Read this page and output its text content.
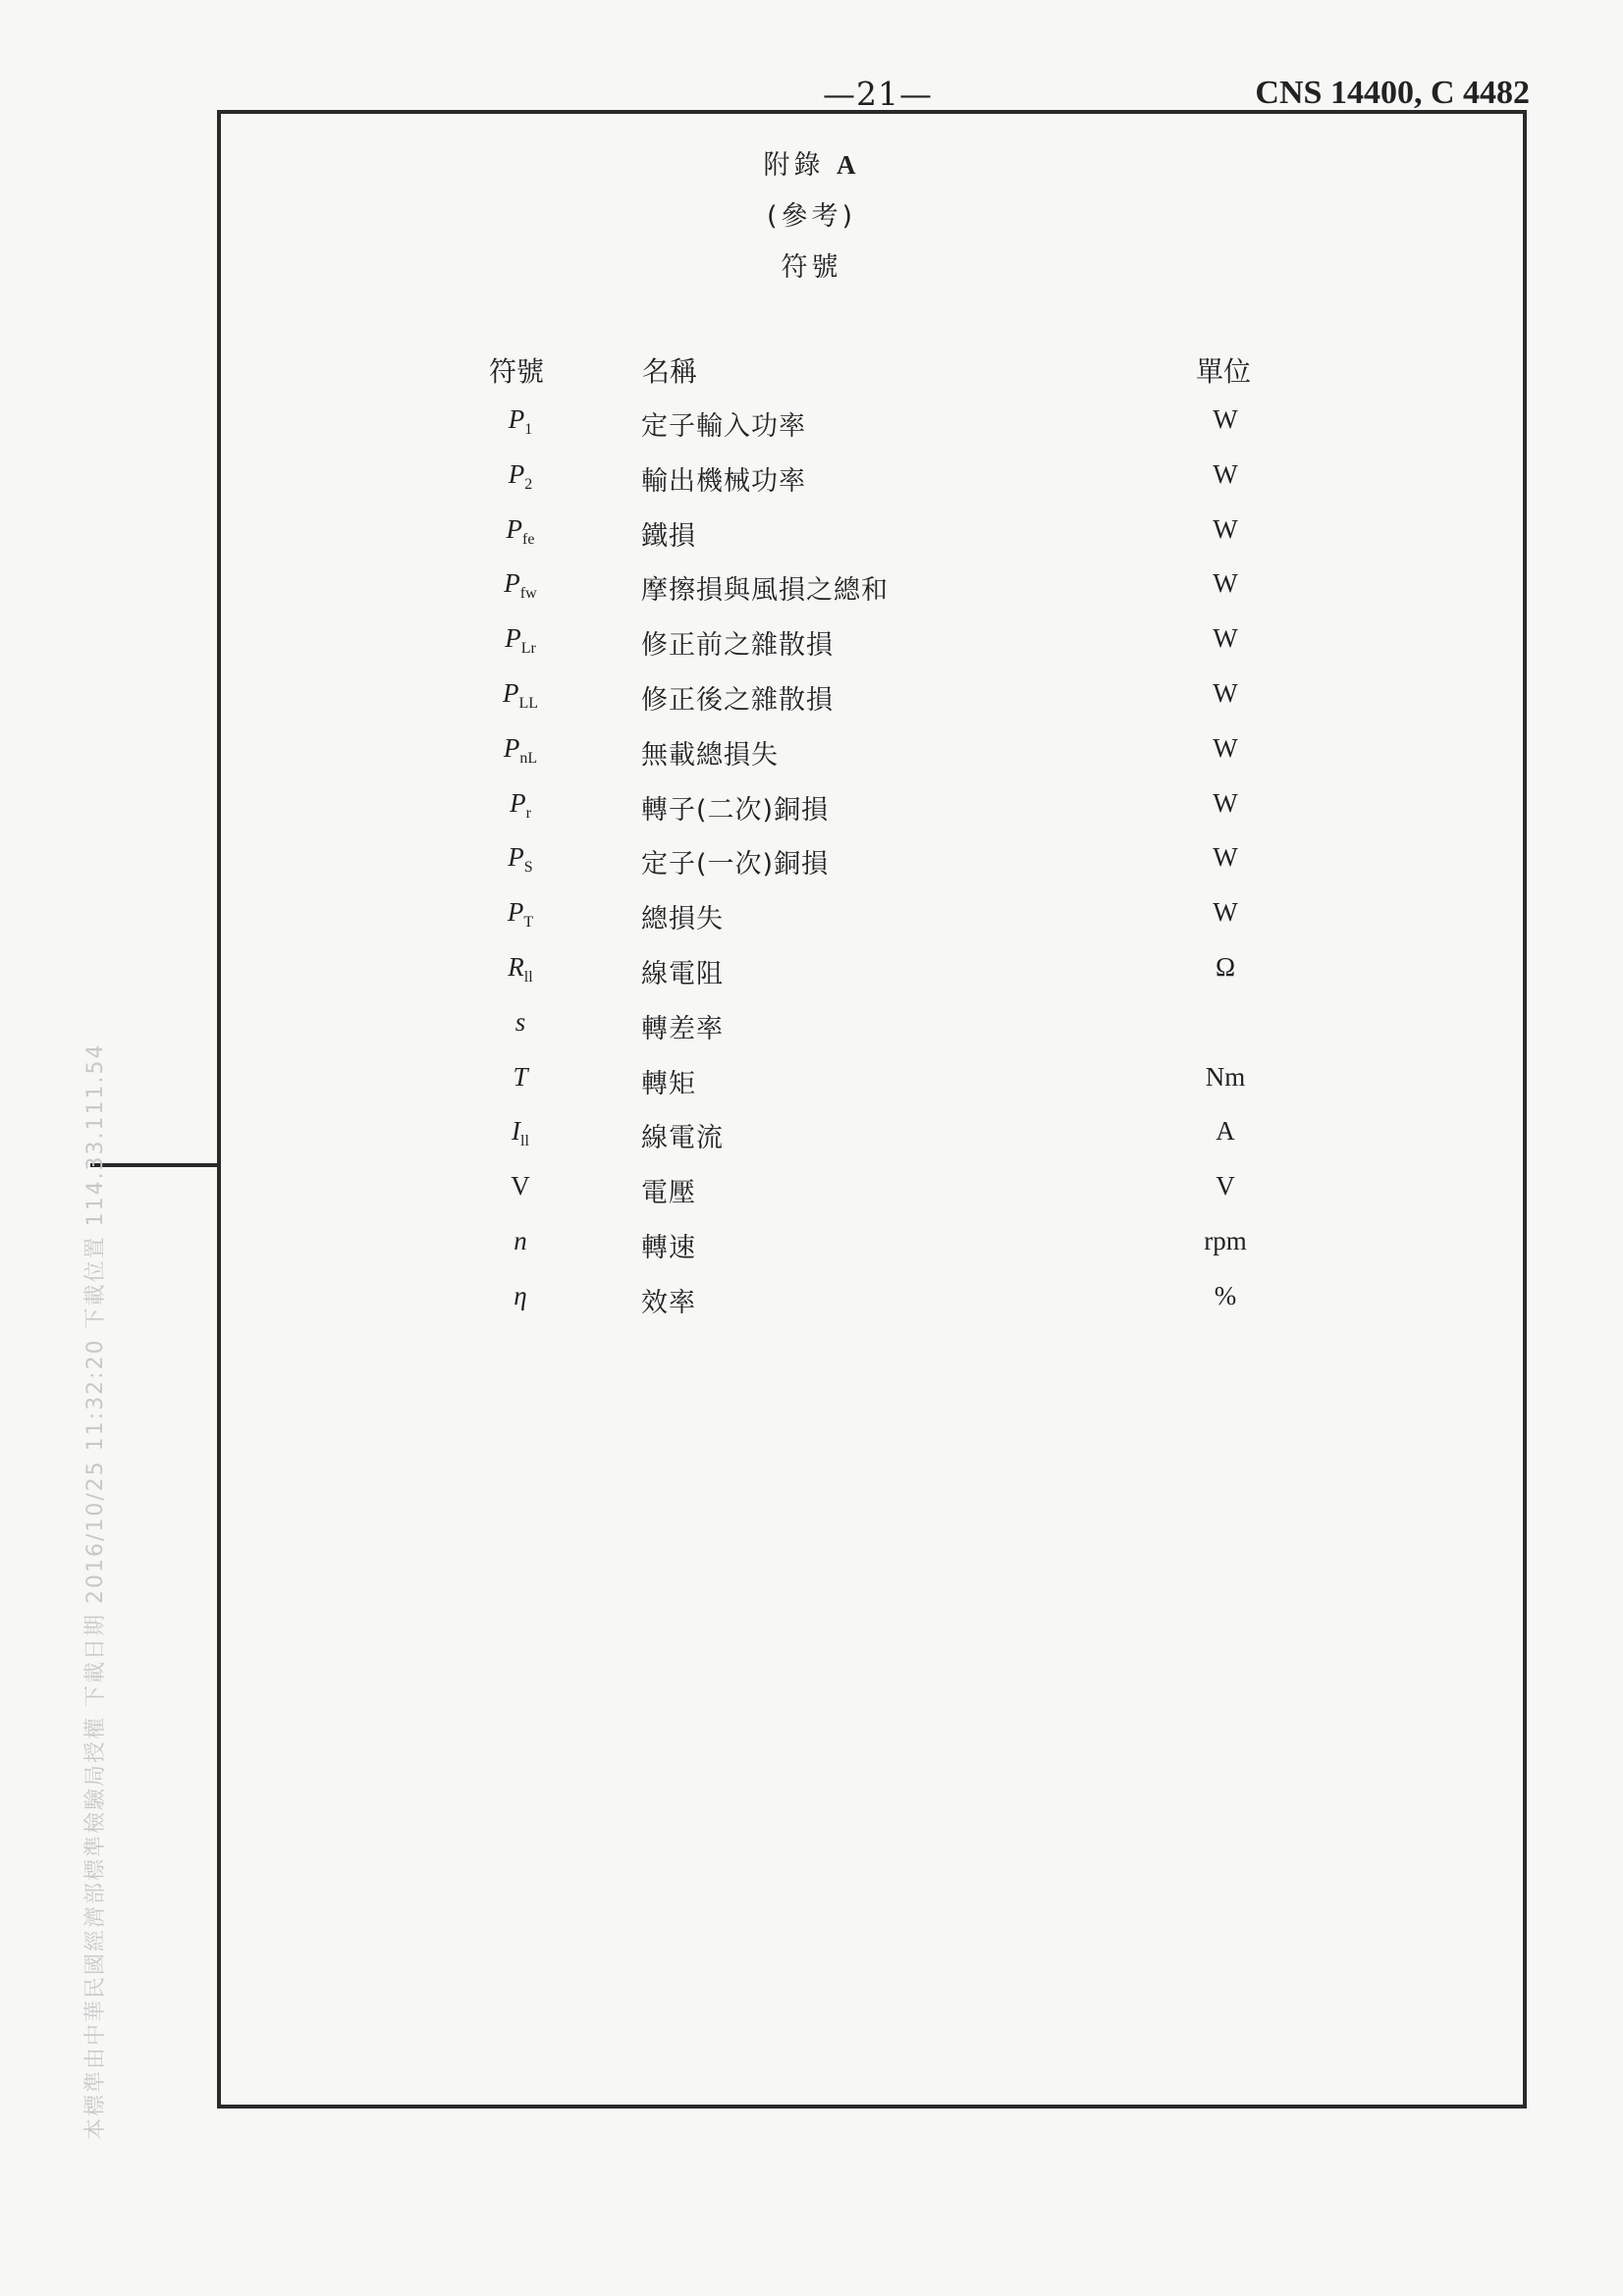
—21—	CNS 14400, C 4482
附錄 A
(參考)
符號
符號	名稱	單位
$P_1$	定子輸入功率	W
$P_2$	輸出機械功率	W
$P_{fe}$	鐵損	W
$P_{fw}$	摩擦損與風損之總和	W
$P_{Lr}$	修正前之雜散損	W
$P_{LL}$	修正後之雜散損	W
$P_{nL}$	無載總損失	W
$P_r$	轉子(二次)銅損	W
$P_S$	定子(一次)銅損	W
$P_T$	總損失	W
$R_{ll}$	線電阻	Ω
s	轉差率
T	轉矩	Nm
$I_{ll}$	線電流	A
V	電壓	V
n	轉速	rpm
η	效率	%
本標準由中華民國經濟部標準檢驗局授權 下載日期 2016/10/25 11:32:20 下載位置 114.33.111.54
